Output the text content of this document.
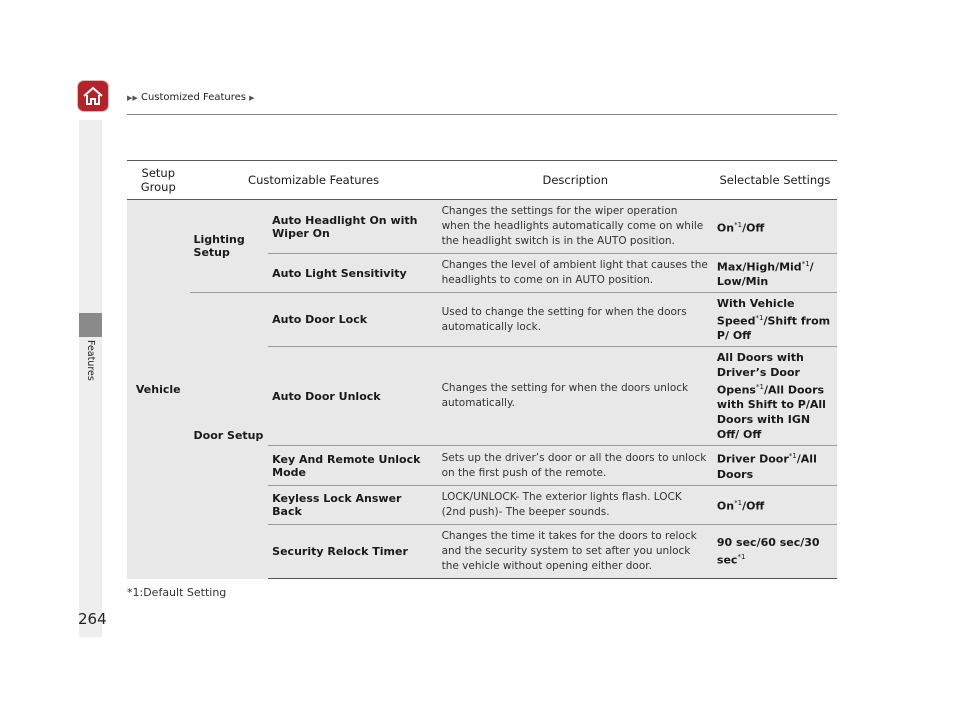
▶▶ Customized Features ▶
Features
Setup Group	Customizable Features		Description	Selectable Settings
Vehicle	Lighting Setup	Auto Headlight On with Wiper On	Changes the settings for the wiper operation when the headlights automatically come on while the headlight switch is in the AUTO position.	On$^{*1}$/Off
		Auto Light Sensitivity	Changes the level of ambient light that causes the headlights to come on in AUTO position.	Max/High/Mid$^{*1}$/ Low/Min
	Door Setup	Auto Door Lock	Used to change the setting for when the doors automatically lock.	With Vehicle Speed$^{*1}$/Shift from P/ Off
		Auto Door Unlock	Changes the setting for when the doors unlock automatically.	All Doors with Driver’s Door Opens$^{*1}$/All Doors with Shift to P/All Doors with IGN Off/ Off
		Key And Remote Unlock Mode	Sets up the driver’s door or all the doors to unlock on the first push of the remote.	Driver Door$^{*1}$/All Doors
		Keyless Lock Answer Back	LOCK/UNLOCK- The exterior lights flash. LOCK (2nd push)- The beeper sounds.	On$^{*1}$/Off
		Security Relock Timer	Changes the time it takes for the doors to relock and the security system to set after you unlock the vehicle without opening either door.	90 sec/60 sec/30 $\sec^{*1}$
*1:Default Setting
264
